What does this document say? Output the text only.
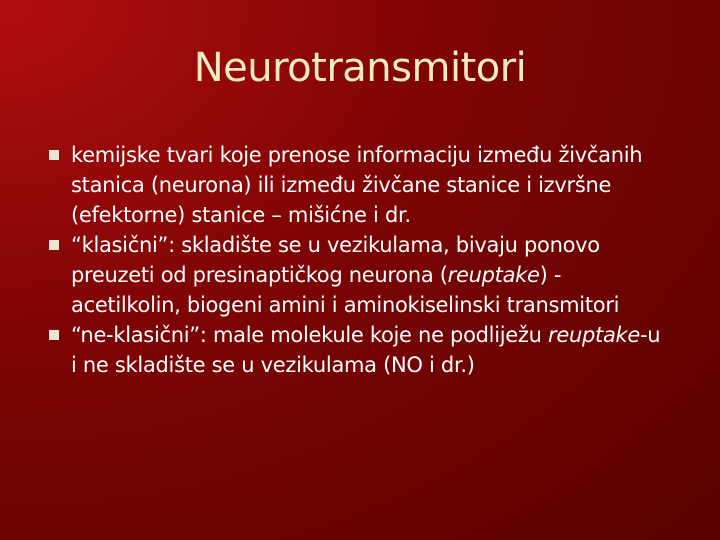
Neurotransmitori
kemijske tvari koje prenose informaciju između živčanih stanica (neurona) ili između živčane stanice i izvršne (efektorne) stanice – mišićne i dr.
“klasični”: skladište se u vezikulama, bivaju ponovo preuzeti od presinaptičkog neurona (reuptake) - acetilkolin, biogeni amini i aminokiselinski transmitori
“ne-klasični”: male molekule koje ne podliježu reuptake-u i ne skladište se u vezikulama (NO i dr.)
